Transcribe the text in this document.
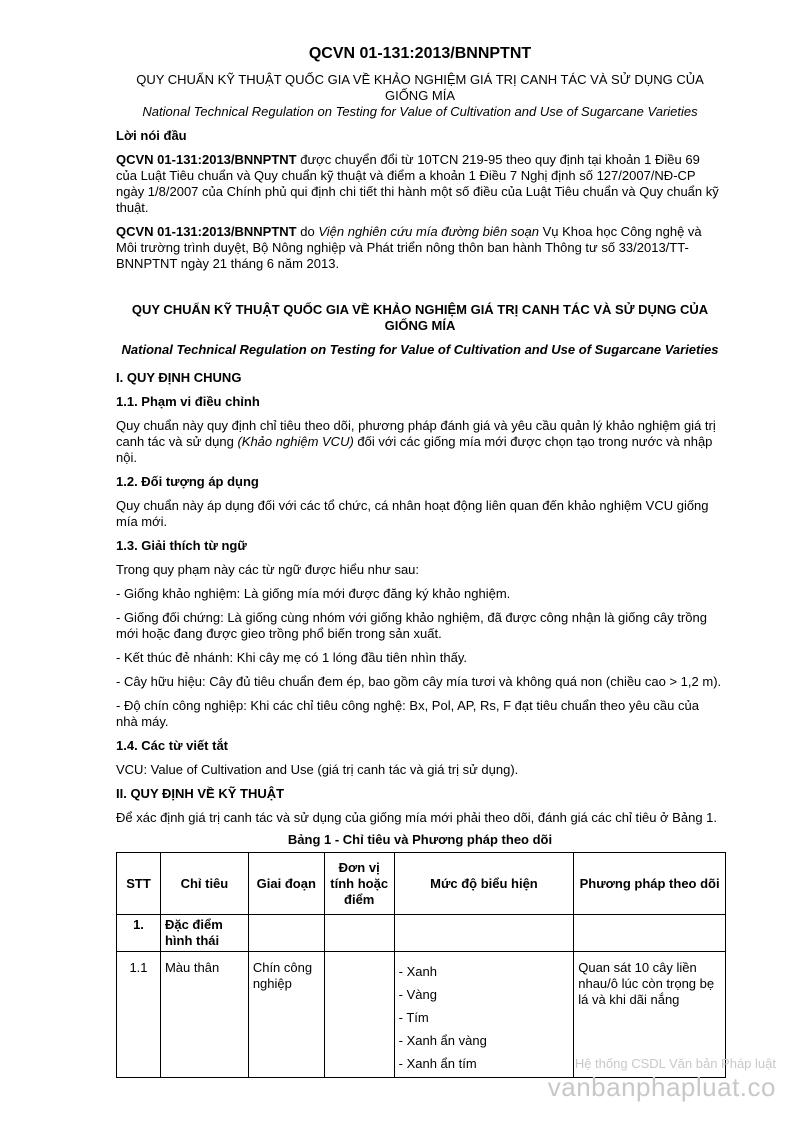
QCVN 01-131:2013/BNNPTNT

QUY CHUẨN KỸ THUẬT QUỐC GIA VỀ KHẢO NGHIỆM GIÁ TRỊ CANH TÁC VÀ SỬ DỤNG CỦA GIỐNG MÍA

National Technical Regulation on Testing for Value of Cultivation and Use of Sugarcane Varieties

Lời nói đầu

QCVN 01-131:2013/BNNPTNT được chuyển đổi từ 10TCN 219-95 theo quy định tại khoản 1 Điều 69 của Luật Tiêu chuẩn và Quy chuẩn kỹ thuật và điểm a khoản 1 Điều 7 Nghị định số 127/2007/NĐ-CP ngày 1/8/2007 của Chính phủ qui định chi tiết thi hành một số điều của Luật Tiêu chuẩn và Quy chuẩn kỹ thuật.

QCVN 01-131:2013/BNNPTNT do Viện nghiên cứu mía đường biên soạn Vụ Khoa học Công nghệ và Môi trường trình duyệt, Bộ Nông nghiệp và Phát triển nông thôn ban hành Thông tư số 33/2013/TT-BNNPTNT ngày 21 tháng 6 năm 2013.

QUY CHUẨN KỸ THUẬT QUỐC GIA VỀ KHẢO NGHIỆM GIÁ TRỊ CANH TÁC VÀ SỬ DỤNG CỦA GIỐNG MÍA

National Technical Regulation on Testing for Value of Cultivation and Use of Sugarcane Varieties

I. QUY ĐỊNH CHUNG

1.1. Phạm vi điều chỉnh

Quy chuẩn này quy định chỉ tiêu theo dõi, phương pháp đánh giá và yêu cầu quản lý khảo nghiệm giá trị canh tác và sử dụng (Khảo nghiệm VCU) đối với các giống mía mới được chọn tạo trong nước và nhập nội.

1.2. Đối tượng áp dụng

Quy chuẩn này áp dụng đối với các tổ chức, cá nhân hoạt động liên quan đến khảo nghiệm VCU giống mía mới.

1.3. Giải thích từ ngữ

Trong quy phạm này các từ ngữ được hiểu như sau:

- Giống khảo nghiệm: Là giống mía mới được đăng ký khảo nghiệm.

- Giống đối chứng: Là giống cùng nhóm với giống khảo nghiệm, đã được công nhận là giống cây trồng mới hoặc đang được gieo trồng phổ biến trong sản xuất.

- Kết thúc đẻ nhánh: Khi cây mẹ có 1 lóng đầu tiên nhìn thấy.

- Cây hữu hiệu: Cây đủ tiêu chuẩn đem ép, bao gồm cây mía tươi và không quá non (chiều cao > 1,2 m).

- Độ chín công nghiệp: Khi các chỉ tiêu công nghệ: Bx, Pol, AP, Rs, F đạt tiêu chuẩn theo yêu cầu của nhà máy.

1.4. Các từ viết tắt

VCU: Value of Cultivation and Use (giá trị canh tác và giá trị sử dụng).

II. QUY ĐỊNH VỀ KỸ THUẬT

Để xác định giá trị canh tác và sử dụng của giống mía mới phải theo dõi, đánh giá các chỉ tiêu ở Bảng 1.

Bảng 1 - Chỉ tiêu và Phương pháp theo dõi

STT	Chỉ tiêu	Giai đoạn	Đơn vị tính hoặc điểm	Mức độ biểu hiện	Phương pháp theo dõi
1.	Đặc điểm hình thái				
1.1	Màu thân	Chín công nghiệp		- Xanh
- Vàng
- Tím
- Xanh ẩn vàng
- Xanh ẩn tím	Quan sát 10 cây liền nhau/ô lúc còn trọng bẹ lá và khi dãi nắng
Hệ thống CSDL Văn bản Pháp luật
vanbanphapluat.co
